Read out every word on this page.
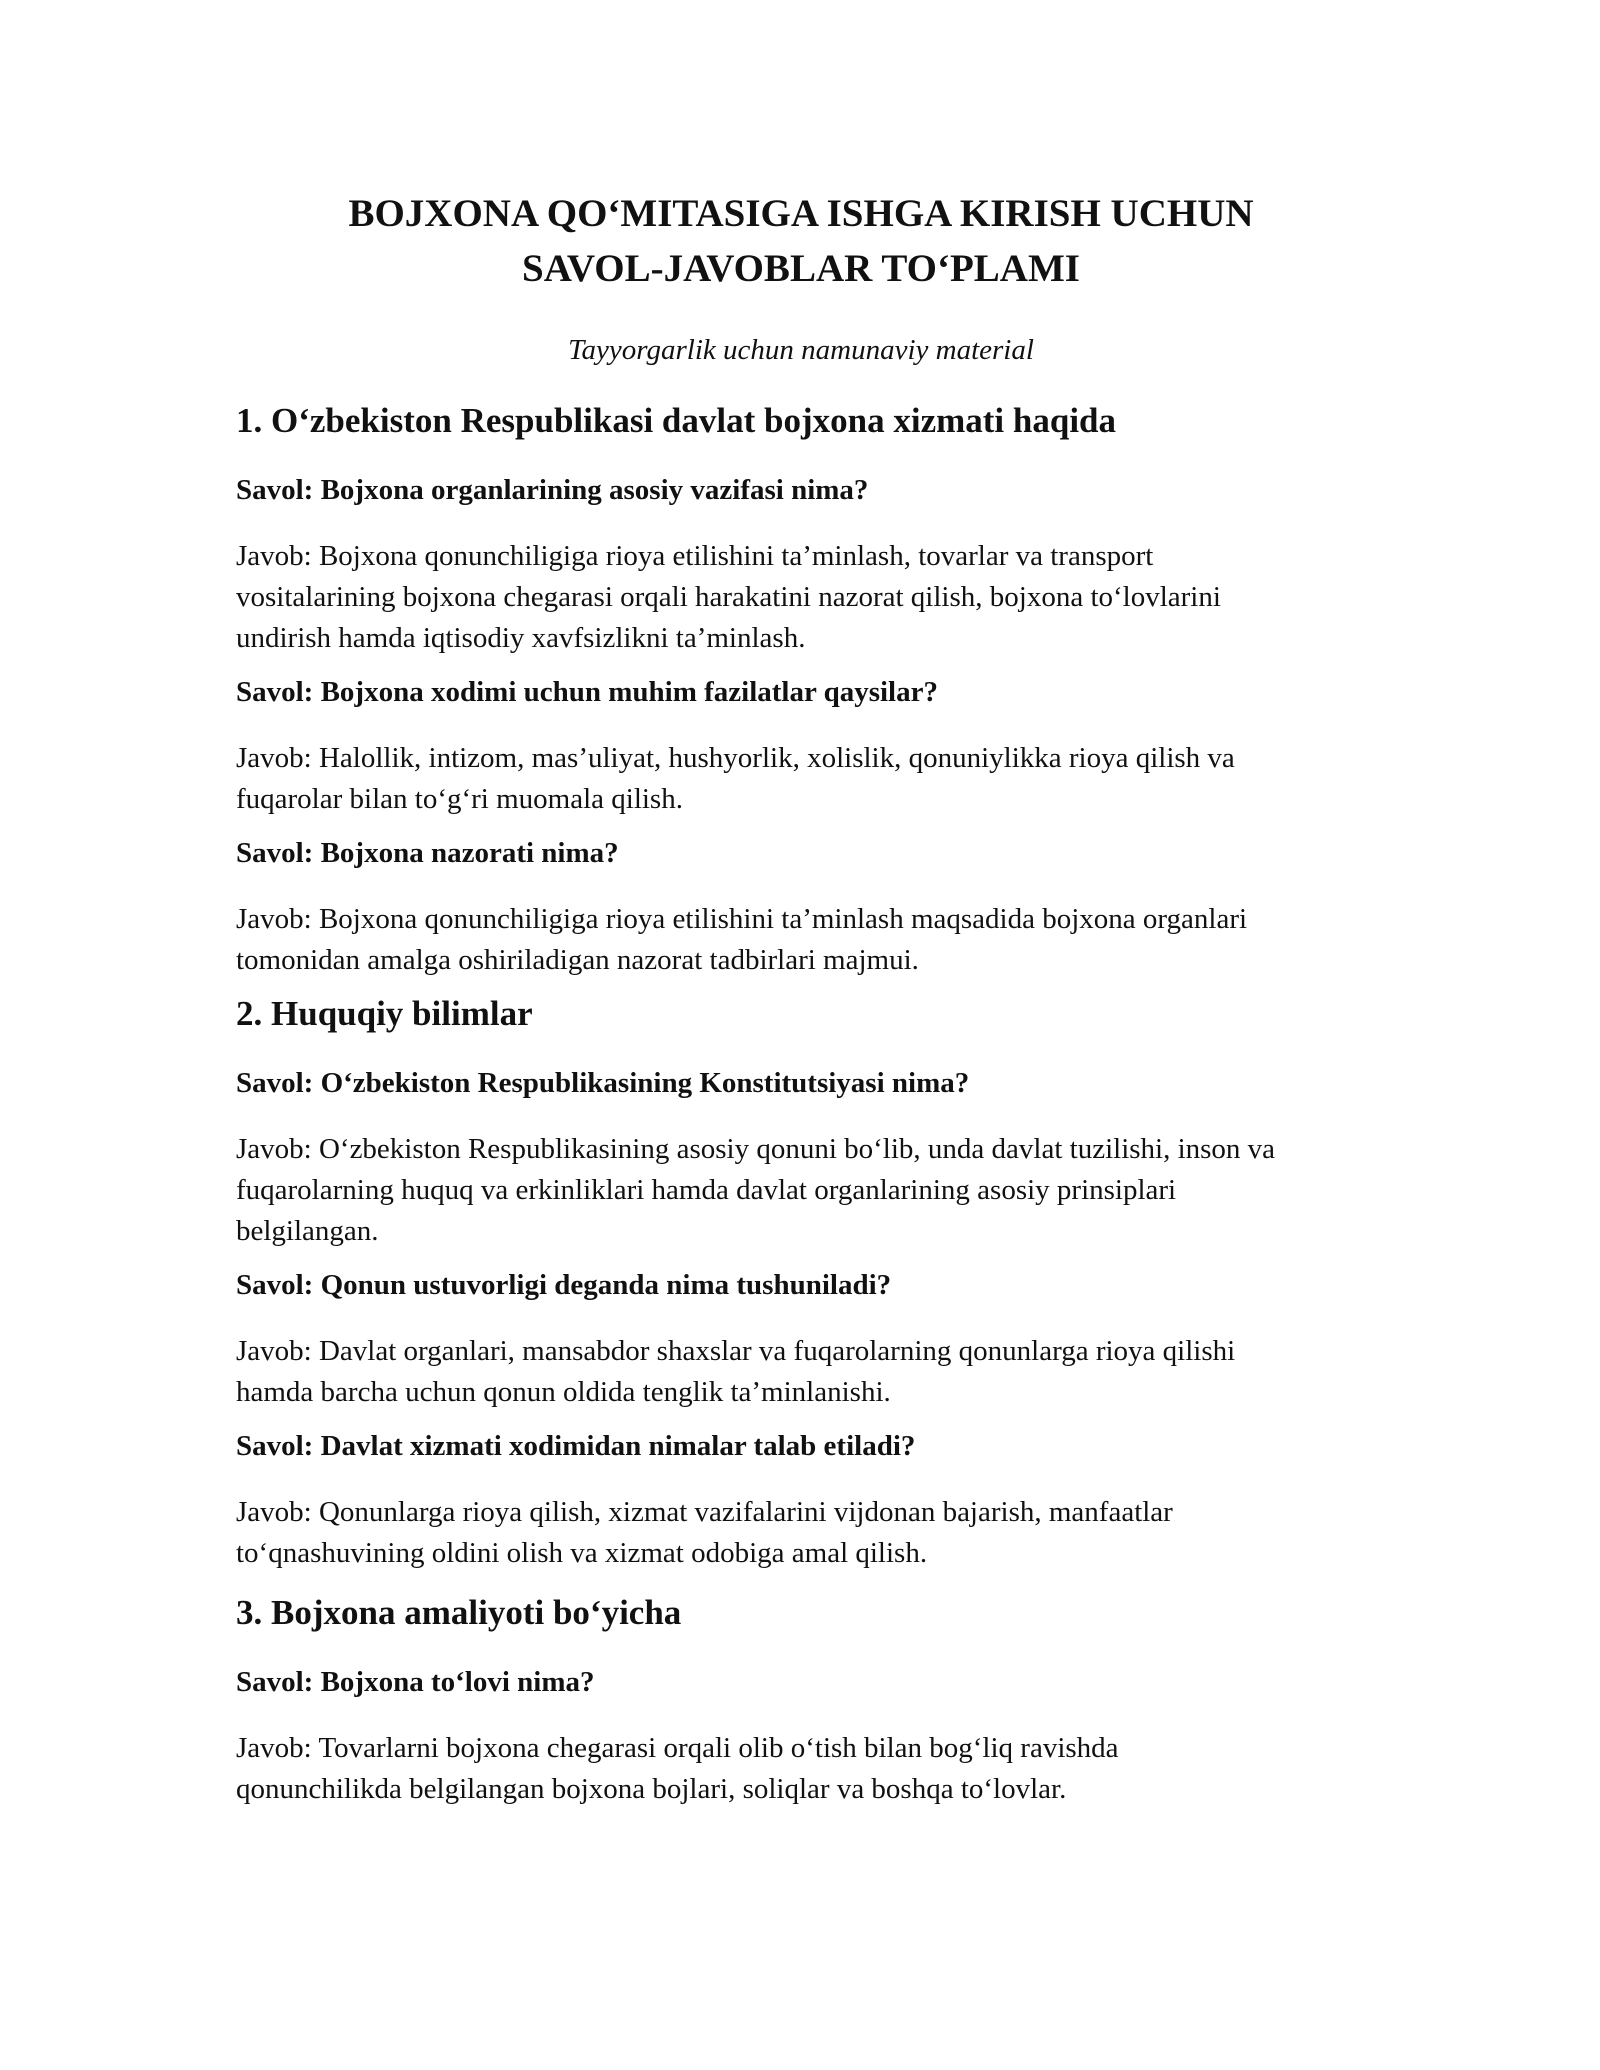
BOJXONA QO‘MITASIGA ISHGA KIRISH UCHUN
SAVOL-JAVOBLAR TO‘PLAMI

Tayyorgarlik uchun namunaviy material

1. O‘zbekiston Respublikasi davlat bojxona xizmati haqida

Savol: Bojxona organlarining asosiy vazifasi nima?

Javob: Bojxona qonunchiligiga rioya etilishini ta’minlash, tovarlar va transport
vositalarining bojxona chegarasi orqali harakatini nazorat qilish, bojxona to‘lovlarini
undirish hamda iqtisodiy xavfsizlikni ta’minlash.

Savol: Bojxona xodimi uchun muhim fazilatlar qaysilar?

Javob: Halollik, intizom, mas’uliyat, hushyorlik, xolislik, qonuniylikka rioya qilish va
fuqarolar bilan to‘g‘ri muomala qilish.

Savol: Bojxona nazorati nima?

Javob: Bojxona qonunchiligiga rioya etilishini ta’minlash maqsadida bojxona organlari
tomonidan amalga oshiriladigan nazorat tadbirlari majmui.

2. Huquqiy bilimlar

Savol: O‘zbekiston Respublikasining Konstitutsiyasi nima?

Javob: O‘zbekiston Respublikasining asosiy qonuni bo‘lib, unda davlat tuzilishi, inson va
fuqarolarning huquq va erkinliklari hamda davlat organlarining asosiy prinsiplari
belgilangan.

Savol: Qonun ustuvorligi deganda nima tushuniladi?

Javob: Davlat organlari, mansabdor shaxslar va fuqarolarning qonunlarga rioya qilishi
hamda barcha uchun qonun oldida tenglik ta’minlanishi.

Savol: Davlat xizmati xodimidan nimalar talab etiladi?

Javob: Qonunlarga rioya qilish, xizmat vazifalarini vijdonan bajarish, manfaatlar
to‘qnashuvining oldini olish va xizmat odobiga amal qilish.

3. Bojxona amaliyoti bo‘yicha

Savol: Bojxona to‘lovi nima?

Javob: Tovarlarni bojxona chegarasi orqali olib o‘tish bilan bog‘liq ravishda
qonunchilikda belgilangan bojxona bojlari, soliqlar va boshqa to‘lovlar.
